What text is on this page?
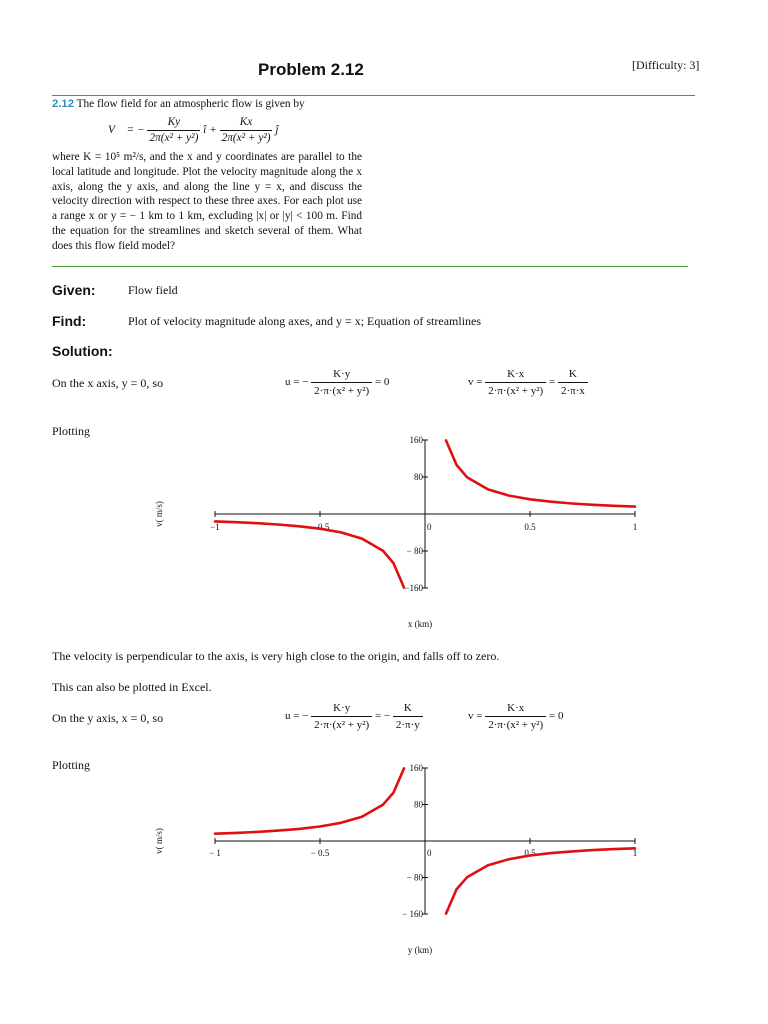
Problem 2.12	[Difficulty: 3]
2.12 The flow field for an atmospheric flow is given by
V⃗ = − $\frac{Ky}{\text{2π(x² + y²)}}$ î + $\frac{Kx}{\text{2π(x² + y²)}}$ ĵ
where K = 10⁵ m²/s, and the x and y coordinates are parallel to the local latitude and longitude. Plot the velocity magnitude along the x axis, along the y axis, and along the line y = x, and discuss the velocity direction with respect to these three axes. For each plot use a range x or y = − 1 km to 1 km, excluding |x| or |y| < 100 m. Find the equation for the streamlines and sketch several of them. What does this flow field model?
Given:	Flow field
Find:	Plot of velocity magnitude along axes, and y = x; Equation of streamlines
Solution:
On the x axis, y = 0, so	u = − $\frac{K\cdot y}{\text{2·π·(x² + y²)}} = 0$	$v = \frac{K\cdot x}{\text{2·π·(x² + y²)}} = \frac{K}{2\cdot\pi\cdot x}$
Plotting
−1	− 0.5	0	0.5	1
160
80
− 80
−160
x (km)
v( m/s)
The velocity is perpendicular to the axis, is very high close to the origin, and falls off to zero.
This can also be plotted in Excel.
On the y axis, x = 0, so	u = − $\frac{K\cdot y}{\text{2·π·(x² + y²)}}$ = − $\frac{K}{2\cdot\pi\cdot y}$	$v = \frac{K\cdot x}{\text{2·π·(x² + y²)}} = 0$
Plotting
− 1	− 0.5	0	0.5	1
160
80
− 80
− 160
y (km)
v( m/s)
